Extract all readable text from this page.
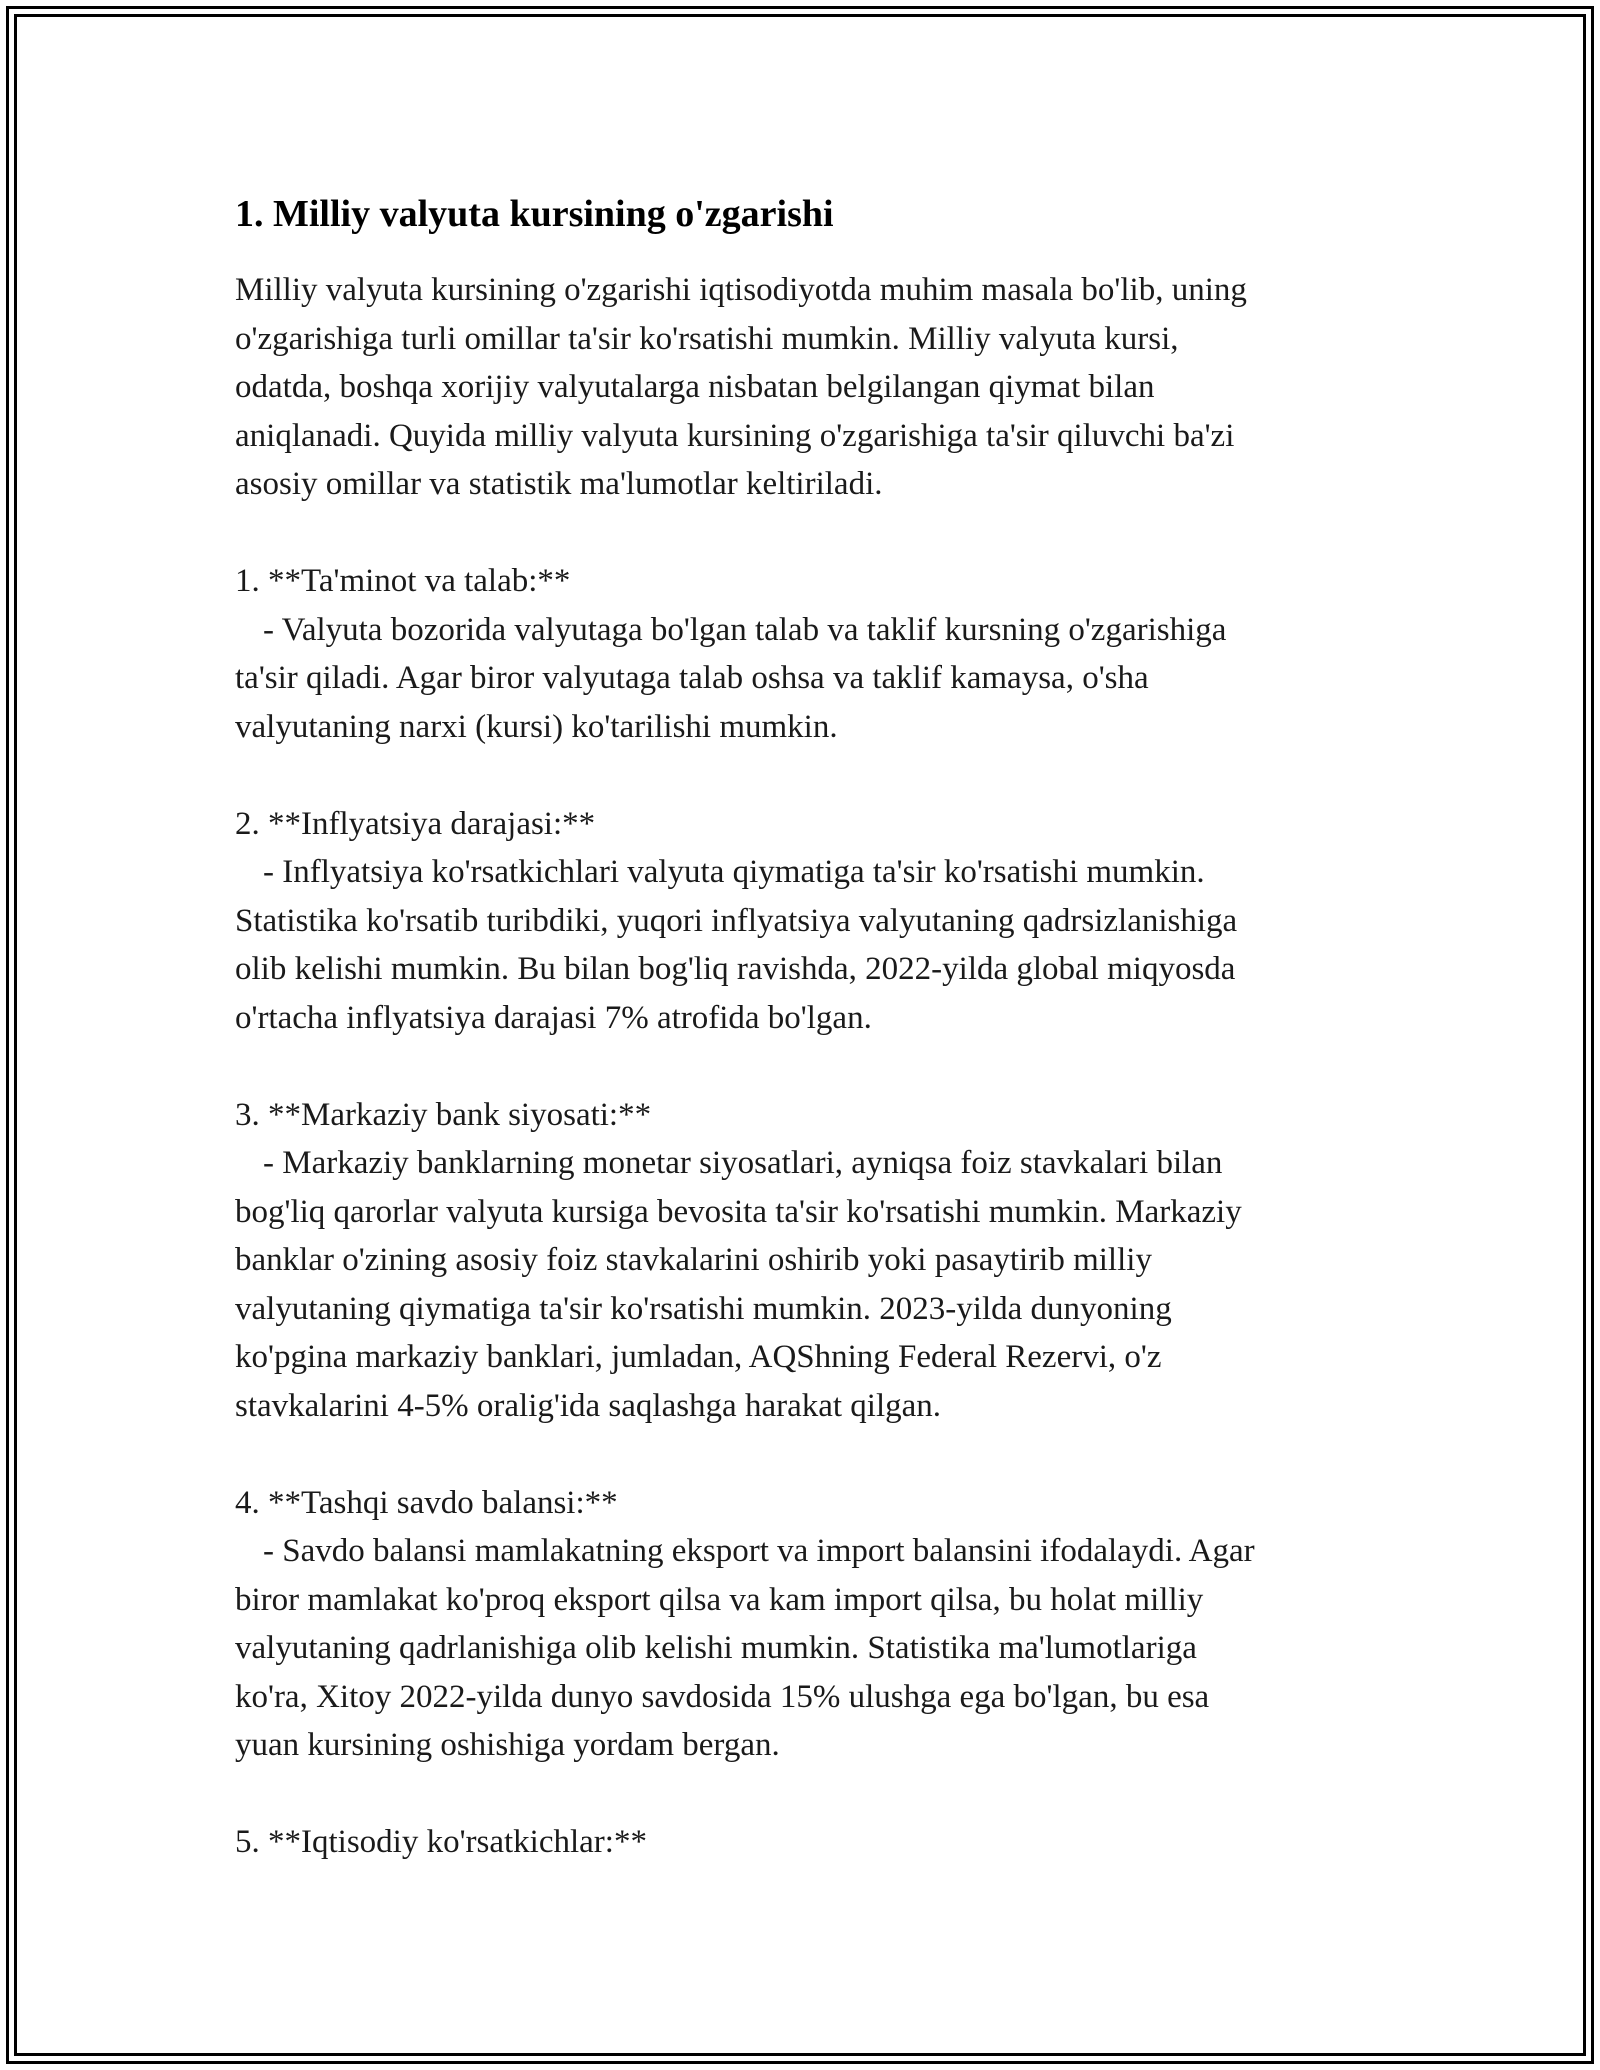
1. Milliy valyuta kursining o'zgarishi
Milliy valyuta kursining o'zgarishi iqtisodiyotda muhim masala bo'lib, uning
o'zgarishiga turli omillar ta'sir ko'rsatishi mumkin. Milliy valyuta kursi,
odatda, boshqa xorijiy valyutalarga nisbatan belgilangan qiymat bilan
aniqlanadi. Quyida milliy valyuta kursining o'zgarishiga ta'sir qiluvchi ba'zi
asosiy omillar va statistik ma'lumotlar keltiriladi.
1. **Ta'minot va talab:**
- Valyuta bozorida valyutaga bo'lgan talab va taklif kursning o'zgarishiga
ta'sir qiladi. Agar biror valyutaga talab oshsa va taklif kamaysa, o'sha
valyutaning narxi (kursi) ko'tarilishi mumkin.
2. **Inflyatsiya darajasi:**
- Inflyatsiya ko'rsatkichlari valyuta qiymatiga ta'sir ko'rsatishi mumkin.
Statistika ko'rsatib turibdiki, yuqori inflyatsiya valyutaning qadrsizlanishiga
olib kelishi mumkin. Bu bilan bog'liq ravishda, 2022-yilda global miqyosda
o'rtacha inflyatsiya darajasi 7% atrofida bo'lgan.
3. **Markaziy bank siyosati:**
- Markaziy banklarning monetar siyosatlari, ayniqsa foiz stavkalari bilan
bog'liq qarorlar valyuta kursiga bevosita ta'sir ko'rsatishi mumkin. Markaziy
banklar o'zining asosiy foiz stavkalarini oshirib yoki pasaytirib milliy
valyutaning qiymatiga ta'sir ko'rsatishi mumkin. 2023-yilda dunyoning
ko'pgina markaziy banklari, jumladan, AQShning Federal Rezervi, o'z
stavkalarini 4-5% oralig'ida saqlashga harakat qilgan.
4. **Tashqi savdo balansi:**
- Savdo balansi mamlakatning eksport va import balansini ifodalaydi. Agar
biror mamlakat ko'proq eksport qilsa va kam import qilsa, bu holat milliy
valyutaning qadrlanishiga olib kelishi mumkin. Statistika ma'lumotlariga
ko'ra, Xitoy 2022-yilda dunyo savdosida 15% ulushga ega bo'lgan, bu esa
yuan kursining oshishiga yordam bergan.
5. **Iqtisodiy ko'rsatkichlar:**
